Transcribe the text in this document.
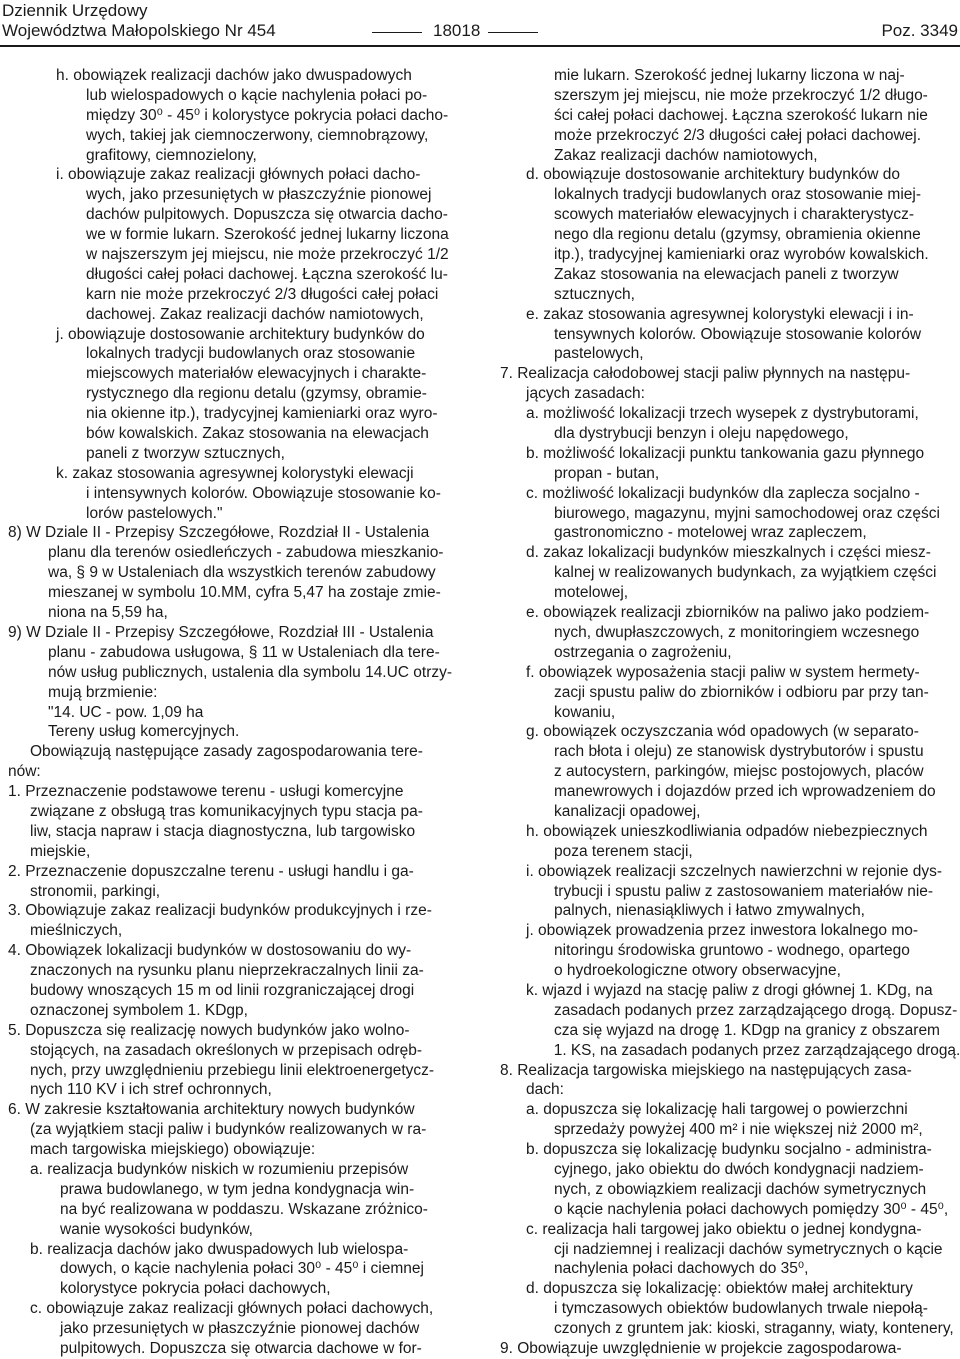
Dziennik Urzędowy
Województwa Małopolskiego Nr 454	18018	Poz. 3349
h. obowiązek realizacji dachów jako dwuspadowych
lub wielospadowych o kącie nachylenia połaci po-
między 30⁰ - 45⁰ i kolorystyce pokrycia połaci dacho-
wych, takiej jak ciemnoczerwony, ciemnobrązowy,
grafitowy, ciemnozielony,
i. obowiązuje zakaz realizacji głównych połaci dacho-
wych, jako przesuniętych w płaszczyźnie pionowej
dachów pulpitowych. Dopuszcza się otwarcia dacho-
we w formie lukarn. Szerokość jednej lukarny liczona
w najszerszym jej miejscu, nie może przekroczyć 1/2
długości całej połaci dachowej. Łączna szerokość lu-
karn nie może przekroczyć 2/3 długości całej połaci
dachowej. Zakaz realizacji dachów namiotowych,
j. obowiązuje dostosowanie architektury budynków do
lokalnych tradycji budowlanych oraz stosowanie
miejscowych materiałów elewacyjnych i charakte-
rystycznego dla regionu detalu (gzymsy, obramie-
nia okienne itp.), tradycyjnej kamieniarki oraz wyro-
bów kowalskich. Zakaz stosowania na elewacjach
paneli z tworzyw sztucznych,
k. zakaz stosowania agresywnej kolorystyki elewacji
i intensywnych kolorów. Obowiązuje stosowanie ko-
lorów pastelowych."
8) W Dziale II - Przepisy Szczegółowe, Rozdział II - Ustalenia
planu dla terenów osiedleńczych - zabudowa mieszkanio-
wa, § 9 w Ustaleniach dla wszystkich terenów zabudowy
mieszanej w symbolu 10.MM, cyfra 5,47 ha zostaje zmie-
niona na 5,59 ha,
9) W Dziale II - Przepisy Szczegółowe, Rozdział III - Ustalenia
planu - zabudowa usługowa, § 11 w Ustaleniach dla tere-
nów usług publicznych, ustalenia dla symbolu 14.UC otrzy-
mują brzmienie:
"14. UC - pow. 1,09 ha
Tereny usług komercyjnych.
Obowiązują następujące zasady zagospodarowania tere-
nów:
1. Przeznaczenie podstawowe terenu - usługi komercyjne
związane z obsługą tras komunikacyjnych typu stacja pa-
liw, stacja napraw i stacja diagnostyczna, lub targowisko
miejskie,
2. Przeznaczenie dopuszczalne terenu - usługi handlu i ga-
stronomii, parkingi,
3. Obowiązuje zakaz realizacji budynków produkcyjnych i rze-
mieślniczych,
4. Obowiązek lokalizacji budynków w dostosowaniu do wy-
znaczonych na rysunku planu nieprzekraczalnych linii za-
budowy wnoszących 15 m od linii rozgraniczającej drogi
oznaczonej symbolem 1. KDgp,
5. Dopuszcza się realizację nowych budynków jako wolno-
stojących, na zasadach określonych w przepisach odręb-
nych, przy uwzględnieniu przebiegu linii elektroenergetycz-
nych 110 KV i ich stref ochronnych,
6. W zakresie kształtowania architektury nowych budynków
(za wyjątkiem stacji paliw i budynków realizowanych w ra-
mach targowiska miejskiego) obowiązuje:
a. realizacja budynków niskich w rozumieniu przepisów
prawa budowlanego, w tym jedna kondygnacja win-
na być realizowana w poddaszu. Wskazane zróżnico-
wanie wysokości budynków,
b. realizacja dachów jako dwuspadowych lub wielospa-
dowych, o kącie nachylenia połaci 30⁰ - 45⁰ i ciemnej
kolorystyce pokrycia połaci dachowych,
c. obowiązuje zakaz realizacji głównych połaci dachowych,
jako przesuniętych w płaszczyźnie pionowej dachów
pulpitowych. Dopuszcza się otwarcia dachowe w for-
mie lukarn. Szerokość jednej lukarny liczona w naj-
szerszym jej miejscu, nie może przekroczyć 1/2 długo-
ści całej połaci dachowej. Łączna szerokość lukarn nie
może przekroczyć 2/3 długości całej połaci dachowej.
Zakaz realizacji dachów namiotowych,
d. obowiązuje dostosowanie architektury budynków do
lokalnych tradycji budowlanych oraz stosowanie miej-
scowych materiałów elewacyjnych i charakterystycz-
nego dla regionu detalu (gzymsy, obramienia okienne
itp.), tradycyjnej kamieniarki oraz wyrobów kowalskich.
Zakaz stosowania na elewacjach paneli z tworzyw
sztucznych,
e. zakaz stosowania agresywnej kolorystyki elewacji i in-
tensywnych kolorów. Obowiązuje stosowanie kolorów
pastelowych,
7. Realizacja całodobowej stacji paliw płynnych na następu-
jących zasadach:
a. możliwość lokalizacji trzech wysepek z dystrybutorami,
dla dystrybucji benzyn i oleju napędowego,
b. możliwość lokalizacji punktu tankowania gazu płynnego
propan - butan,
c. możliwość lokalizacji budynków dla zaplecza socjalno -
biurowego, magazynu, myjni samochodowej oraz części
gastronomiczno - motelowej wraz zapleczem,
d. zakaz lokalizacji budynków mieszkalnych i części miesz-
kalnej w realizowanych budynkach, za wyjątkiem części
motelowej,
e. obowiązek realizacji zbiorników na paliwo jako podziem-
nych, dwupłaszczowych, z monitoringiem wczesnego
ostrzegania o zagrożeniu,
f. obowiązek wyposażenia stacji paliw w system hermety-
zacji spustu paliw do zbiorników i odbioru par przy tan-
kowaniu,
g. obowiązek oczyszczania wód opadowych (w separato-
rach błota i oleju) ze stanowisk dystrybutorów i spustu
z autocystern, parkingów, miejsc postojowych, placów
manewrowych i dojazdów przed ich wprowadzeniem do
kanalizacji opadowej,
h. obowiązek unieszkodliwiania odpadów niebezpiecznych
poza terenem stacji,
i. obowiązek realizacji szczelnych nawierzchni w rejonie dys-
trybucji i spustu paliw z zastosowaniem materiałów nie-
palnych, nienasiąkliwych i łatwo zmywalnych,
j. obowiązek prowadzenia przez inwestora lokalnego mo-
nitoringu środowiska gruntowo - wodnego, opartego
o hydroekologiczne otwory obserwacyjne,
k. wjazd i wyjazd na stację paliw z drogi głównej 1. KDg, na
zasadach podanych przez zarządzającego drogą. Dopusz-
cza się wyjazd na drogę 1. KDgp na granicy z obszarem
1. KS, na zasadach podanych przez zarządzającego drogą.
8. Realizacja targowiska miejskiego na następujących zasa-
dach:
a. dopuszcza się lokalizację hali targowej o powierzchni
sprzedaży powyżej 400 m² i nie większej niż 2000 m²,
b. dopuszcza się lokalizację budynku socjalno - administra-
cyjnego, jako obiektu do dwóch kondygnacji nadziem-
nych, z obowiązkiem realizacji dachów symetrycznych
o kącie nachylenia połaci dachowych pomiędzy 30⁰ - 45⁰,
c. realizacja hali targowej jako obiektu o jednej kondygna-
cji nadziemnej i realizacji dachów symetrycznych o kącie
nachylenia połaci dachowych do 35⁰,
d. dopuszcza się lokalizację: obiektów małej architektury
i tymczasowych obiektów budowlanych trwale niepołą-
czonych z gruntem jak: kioski, straganny, wiaty, kontenery,
9. Obowiązuje uwzględnienie w projekcie zagospodarowa-
